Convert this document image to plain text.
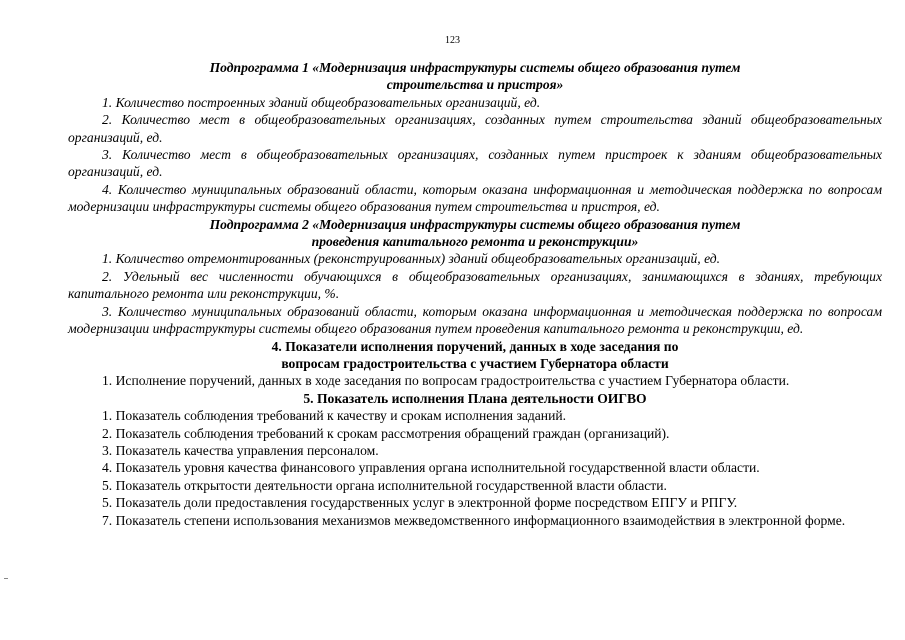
123

Подпрограмма 1 «Модернизация инфраструктуры системы общего образования путем

строительства и пристроя»

1. Количество построенных зданий общеобразовательных организаций, ед.

2. Количество мест в общеобразовательных организациях, созданных путем строительства зданий общеобразовательных организаций, ед.

3. Количество мест в общеобразовательных организациях, созданных путем пристроек к зданиям общеобразовательных организаций, ед.

4. Количество муниципальных образований области, которым оказана информационная и методическая поддержка по вопросам модернизации инфраструктуры системы общего образования путем строительства и пристроя, ед.

Подпрограмма 2 «Модернизация инфраструктуры системы общего образования путем

проведения капитального ремонта и реконструкции»

1. Количество отремонтированных (реконструированных) зданий общеобразовательных организаций, ед.

2. Удельный вес численности обучающихся в общеобразовательных организациях, занимающихся в зданиях, требующих капитального ремонта или реконструкции, %.

3. Количество муниципальных образований области, которым оказана информационная и методическая поддержка по вопросам модернизации инфраструктуры системы общего образования путем проведения капитального ремонта и реконструкции, ед.

4. Показатели исполнения поручений, данных в ходе заседания по

вопросам градостроительства с участием Губернатора области

1. Исполнение поручений, данных в ходе заседания по вопросам градостроительства с участием Губернатора области.

5. Показатель исполнения Плана деятельности ОИГВО

1. Показатель соблюдения требований к качеству и срокам исполнения заданий.

2. Показатель соблюдения требований к срокам рассмотрения обращений граждан (организаций).

3. Показатель качества управления персоналом.

4. Показатель уровня качества финансового управления органа исполнительной государственной власти области.

5. Показатель открытости деятельности органа исполнительной государственной власти области.

5. Показатель доли предоставления государственных услуг в электронной форме посредством ЕПГУ и РПГУ.

7. Показатель степени использования механизмов межведомственного информационного взаимодействия в электронной форме.
